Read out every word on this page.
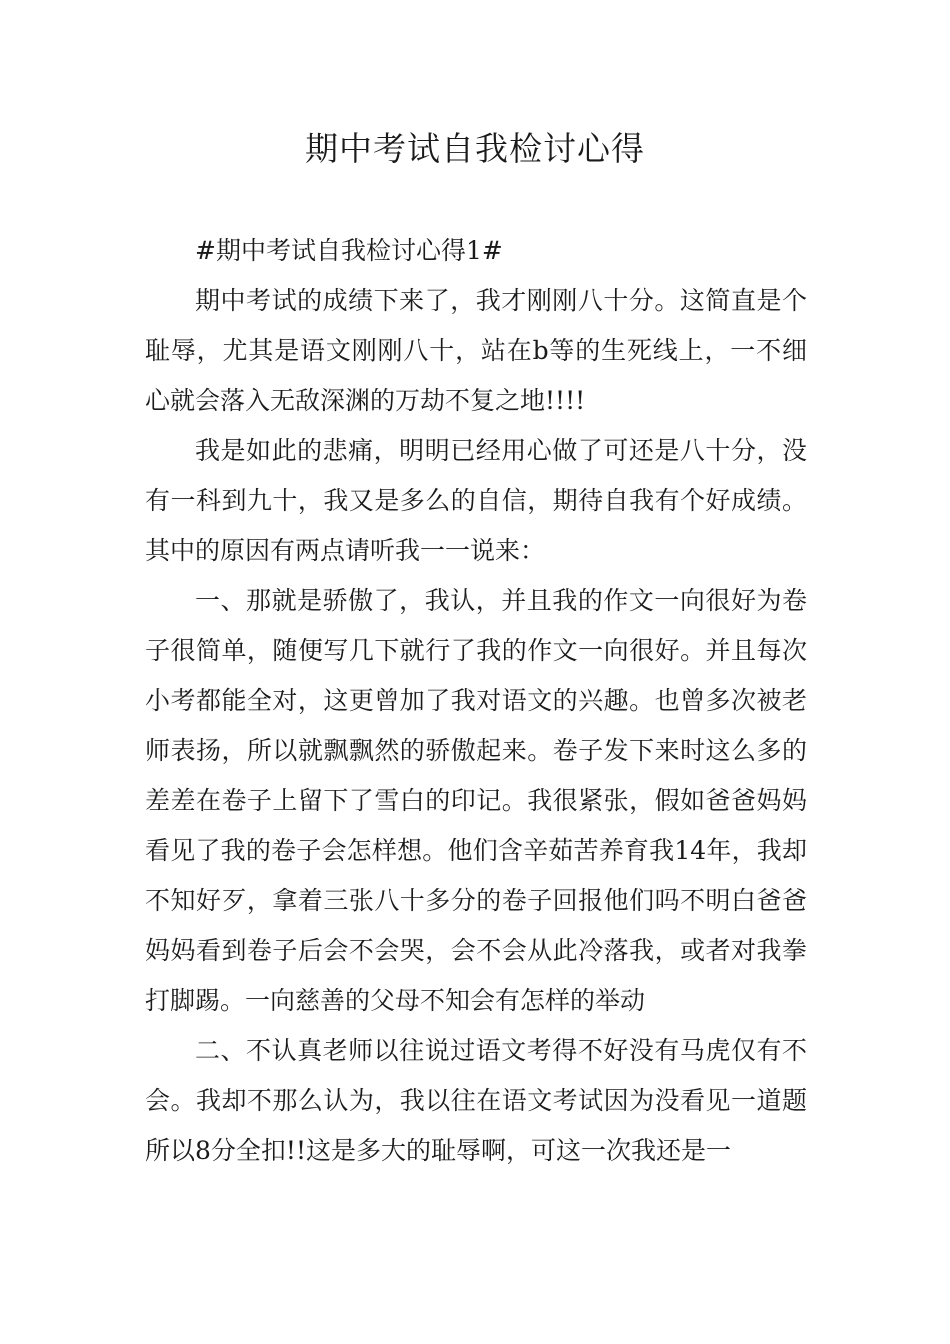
期中考试自我检讨心得

#期中考试自我检讨心得1#

期中考试的成绩下来了，我才刚刚八十分。这简直是个耻辱，尤其是语文刚刚八十，站在b等的生死线上，一不细心就会落入无敌深渊的万劫不复之地!!!!

我是如此的悲痛，明明已经用心做了可还是八十分，没有一科到九十，我又是多么的自信，期待自我有个好成绩。其中的原因有两点请听我一一说来：

一、那就是骄傲了，我认，并且我的作文一向很好为卷子很简单，随便写几下就行了我的作文一向很好。并且每次小考都能全对，这更曾加了我对语文的兴趣。也曾多次被老师表扬，所以就飘飘然的骄傲起来。卷子发下来时这么多的差差在卷子上留下了雪白的印记。我很紧张，假如爸爸妈妈看见了我的卷子会怎样想。他们含辛茹苦养育我14年，我却不知好歹，拿着三张八十多分的卷子回报他们吗不明白爸爸妈妈看到卷子后会不会哭，会不会从此冷落我，或者对我拳打脚踢。一向慈善的父母不知会有怎样的举动

二、不认真老师以往说过语文考得不好没有马虎仅有不会。我却不那么认为，我以往在语文考试因为没看见一道题所以8分全扣!!这是多大的耻辱啊，可这一次我还是一
